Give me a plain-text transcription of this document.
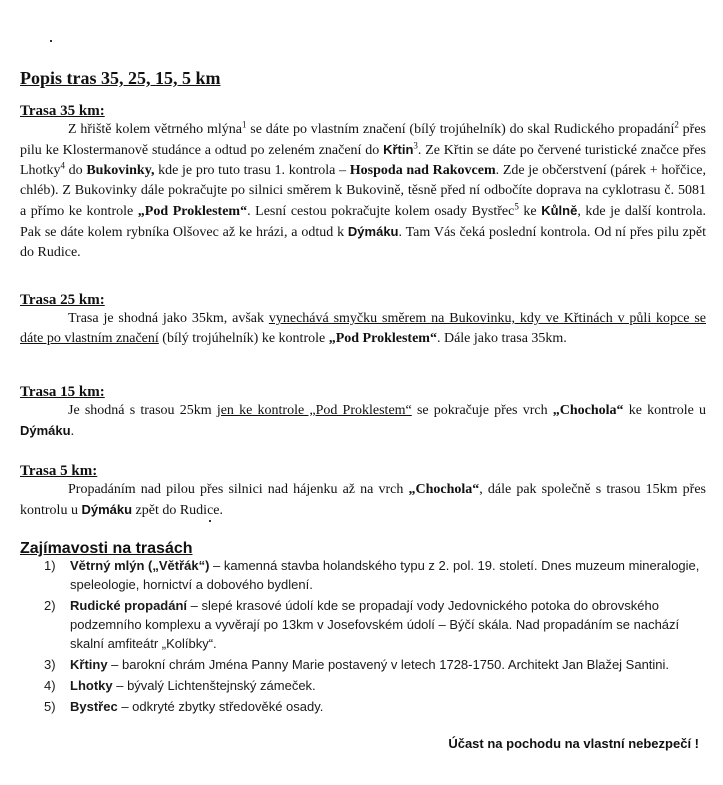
Popis tras 35, 25, 15, 5 km
Trasa 35 km:

Z hřiště kolem větrného mlýna$^1$ se dáte po vlastním značení (bílý trojúhelník) do skal Rudického propadání$^2$ přes pilu ke Klostermanově studánce a odtud po zeleném značení do Křtin$^3$. Ze Křtin se dáte po červené turistické značce přes Lhotky$^4$ do Bukovinky, kde je pro tuto trasu 1. kontrola – Hospoda nad Rakovcem. Zde je občerstvení (párek + hořčice, chléb). Z Bukovinky dále pokračujte po silnici směrem k Bukovině, těsně před ní odbočíte doprava na cyklotrasu č. 5081 a přímo ke kontrole „Pod Proklestem“. Lesní cestou pokračujte kolem osady Bystřec$^5$ ke Kůlně, kde je další kontrola. Pak se dáte kolem rybníka Olšovec až ke hrázi, a odtud k Dýmáku. Tam Vás čeká poslední kontrola. Od ní přes pilu zpět do Rudice.

Trasa 25 km:

Trasa je shodná jako 35km, avšak vynechává smyčku směrem na Bukovinku, kdy ve Křtinách v půli kopce se dáte po vlastním značení (bílý trojúhelník) ke kontrole „Pod Proklestem“. Dále jako trasa 35km.

Trasa 15 km:

Je shodná s trasou 25km jen ke kontrole „Pod Proklestem“ se pokračuje přes vrch „Chochola“ ke kontrole u Dýmáku.

Trasa 5 km:

Propadáním nad pilou přes silnici nad hájenku až na vrch „Chochola“, dále pak společně s trasou 15km přes kontrolu u Dýmáku zpět do Rudice.

Zajímavosti na trasách
1) Větrný mlýn („Větřák“) – kamenná stavba holandského typu z 2. pol. 19. století. Dnes muzeum mineralogie, speleologie, hornictví a dobového bydlení.
2) Rudické propadání – slepé krasové údolí kde se propadají vody Jedovnického potoka do obrovského podzemního komplexu a vyvěrají po 13km v Josefovském údolí – Býčí skála. Nad propadáním se nachází skalní amfiteátr „Kolíbky“.
3) Křtiny – barokní chrám Jména Panny Marie postavený v letech 1728-1750. Architekt Jan Blažej Santini.
4) Lhotky – bývalý Lichtenštejnský zámeček.
5) Bystřec – odkryté zbytky středověké osady.

Účast na pochodu na vlastní nebezpečí !
